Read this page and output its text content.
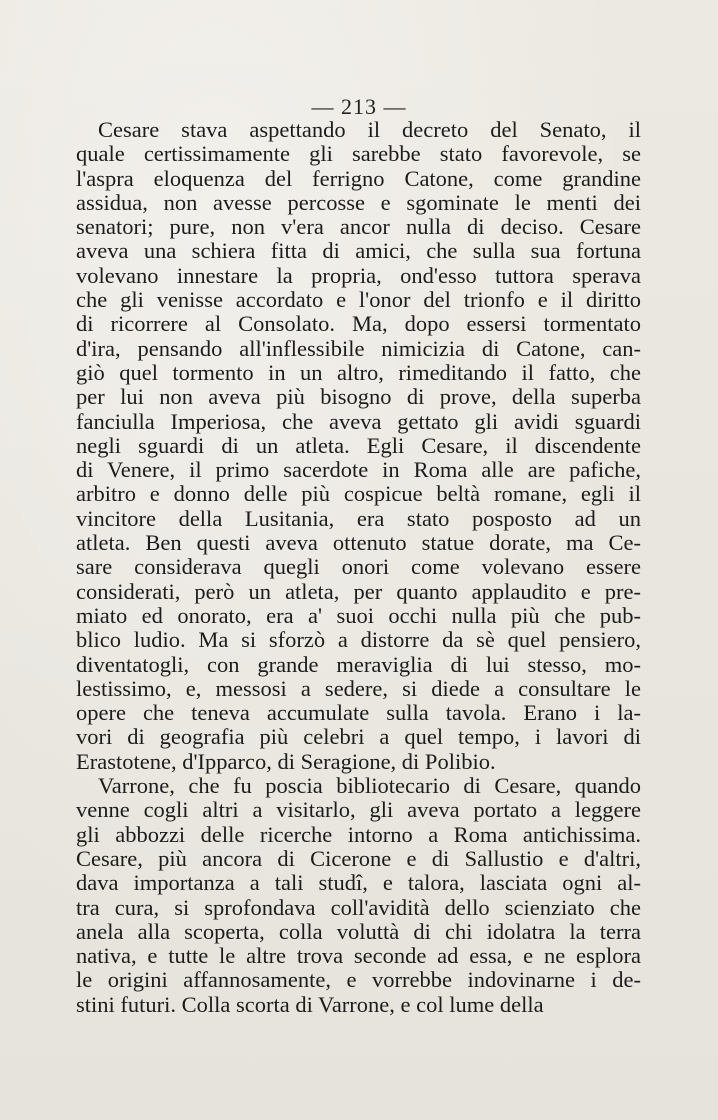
— 213 —
Cesare stava aspettando il decreto del Senato, il
quale certissimamente gli sarebbe stato favorevole, se
l'aspra eloquenza del ferrigno Catone, come grandine
assidua, non avesse percosse e sgominate le menti dei
senatori; pure, non v'era ancor nulla di deciso. Cesare
aveva una schiera fitta di amici, che sulla sua fortuna
volevano innestare la propria, ond'esso tuttora sperava
che gli venisse accordato e l'onor del trionfo e il diritto
di ricorrere al Consolato. Ma, dopo essersi tormentato
d'ira, pensando all'inflessibile nimicizia di Catone, can-
giò quel tormento in un altro, rimeditando il fatto, che
per lui non aveva più bisogno di prove, della superba
fanciulla Imperiosa, che aveva gettato gli avidi sguardi
negli sguardi di un atleta. Egli Cesare, il discendente
di Venere, il primo sacerdote in Roma alle are pafiche,
arbitro e donno delle più cospicue beltà romane, egli il
vincitore della Lusitania, era stato posposto ad un
atleta. Ben questi aveva ottenuto statue dorate, ma Ce-
sare considerava quegli onori come volevano essere
considerati, però un atleta, per quanto applaudito e pre-
miato ed onorato, era a' suoi occhi nulla più che pub-
blico ludio. Ma si sforzò a distorre da sè quel pensiero,
diventatogli, con grande meraviglia di lui stesso, mo-
lestissimo, e, messosi a sedere, si diede a consultare le
opere che teneva accumulate sulla tavola. Erano i la-
vori di geografia più celebri a quel tempo, i lavori di
Erastotene, d'Ipparco, di Seragione, di Polibio.
Varrone, che fu poscia bibliotecario di Cesare, quando
venne cogli altri a visitarlo, gli aveva portato a leggere
gli abbozzi delle ricerche intorno a Roma antichissima.
Cesare, più ancora di Cicerone e di Sallustio e d'altri,
dava importanza a tali studî, e talora, lasciata ogni al-
tra cura, si sprofondava coll'avidità dello scienziato che
anela alla scoperta, colla voluttà di chi idolatra la terra
nativa, e tutte le altre trova seconde ad essa, e ne esplora
le origini affannosamente, e vorrebbe indovinarne i de-
stini futuri. Colla scorta di Varrone, e col lume della
